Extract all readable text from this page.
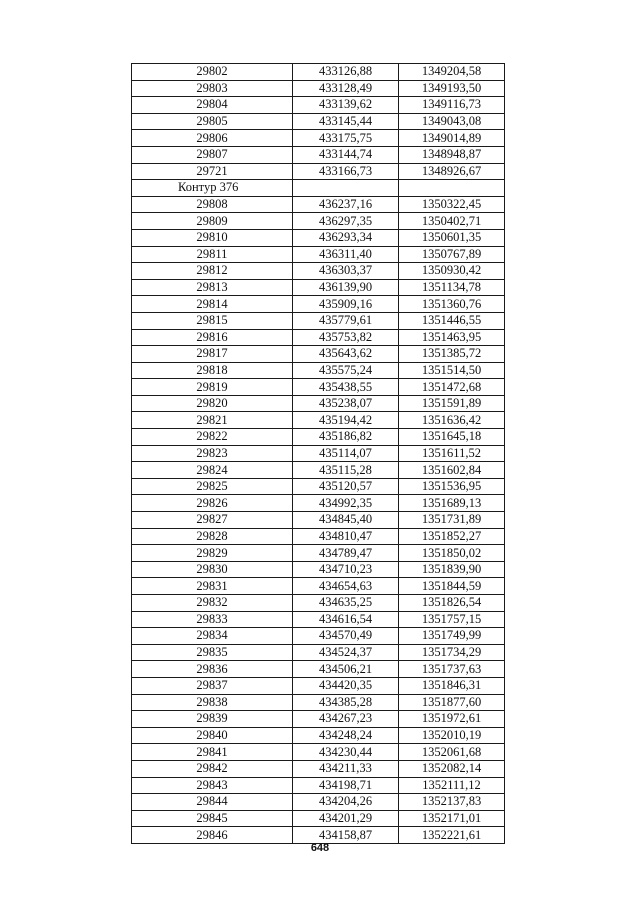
29802	433126,88	1349204,58
29803	433128,49	1349193,50
29804	433139,62	1349116,73
29805	433145,44	1349043,08
29806	433175,75	1349014,89
29807	433144,74	1348948,87
29721	433166,73	1348926,67
Контур 376		
29808	436237,16	1350322,45
29809	436297,35	1350402,71
29810	436293,34	1350601,35
29811	436311,40	1350767,89
29812	436303,37	1350930,42
29813	436139,90	1351134,78
29814	435909,16	1351360,76
29815	435779,61	1351446,55
29816	435753,82	1351463,95
29817	435643,62	1351385,72
29818	435575,24	1351514,50
29819	435438,55	1351472,68
29820	435238,07	1351591,89
29821	435194,42	1351636,42
29822	435186,82	1351645,18
29823	435114,07	1351611,52
29824	435115,28	1351602,84
29825	435120,57	1351536,95
29826	434992,35	1351689,13
29827	434845,40	1351731,89
29828	434810,47	1351852,27
29829	434789,47	1351850,02
29830	434710,23	1351839,90
29831	434654,63	1351844,59
29832	434635,25	1351826,54
29833	434616,54	1351757,15
29834	434570,49	1351749,99
29835	434524,37	1351734,29
29836	434506,21	1351737,63
29837	434420,35	1351846,31
29838	434385,28	1351877,60
29839	434267,23	1351972,61
29840	434248,24	1352010,19
29841	434230,44	1352061,68
29842	434211,33	1352082,14
29843	434198,71	1352111,12
29844	434204,26	1352137,83
29845	434201,29	1352171,01
29846	434158,87	1352221,61
648
